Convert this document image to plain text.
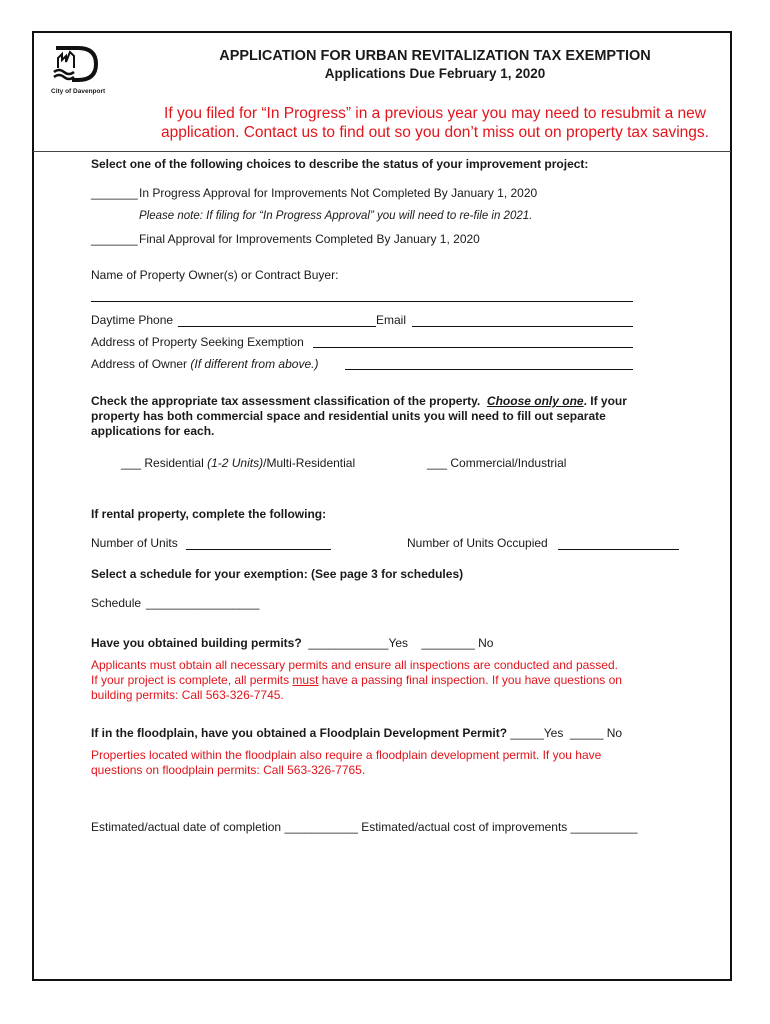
City of Davenport
APPLICATION FOR URBAN REVITALIZATION TAX EXEMPTION
Applications Due February 1, 2020
If you filed for “In Progress” in a previous year you may need to resubmit a new
application. Contact us to find out so you don’t miss out on property tax savings.
Select one of the following choices to describe the status of your improvement project:
_______ In Progress Approval for Improvements Not Completed By January 1, 2020
Please note: If filing for “In Progress Approval” you will need to re-file in 2021.
_______ Final Approval for Improvements Completed By January 1, 2020
Name of Property Owner(s) or Contract Buyer:
Daytime Phone	Email
Address of Property Seeking Exemption
Address of Owner (If different from above.)
Check the appropriate tax assessment classification of the property. Choose only one. If your
property has both commercial space and residential units you will need to fill out separate
applications for each.
___ Residential (1-2 Units)/Multi-Residential	___ Commercial/Industrial
If rental property, complete the following:
Number of Units	Number of Units Occupied
Select a schedule for your exemption: (See page 3 for schedules)
Schedule _________________
Have you obtained building permits? ____________Yes ________ No
Applicants must obtain all necessary permits and ensure all inspections are conducted and passed.
If your project is complete, all permits must have a passing final inspection. If you have questions on
building permits: Call 563-326-7745.
If in the floodplain, have you obtained a Floodplain Development Permit? _____Yes _____ No
Properties located within the floodplain also require a floodplain development permit. If you have
questions on floodplain permits: Call 563-326-7765.
Estimated/actual date of completion ___________ Estimated/actual cost of improvements __________
